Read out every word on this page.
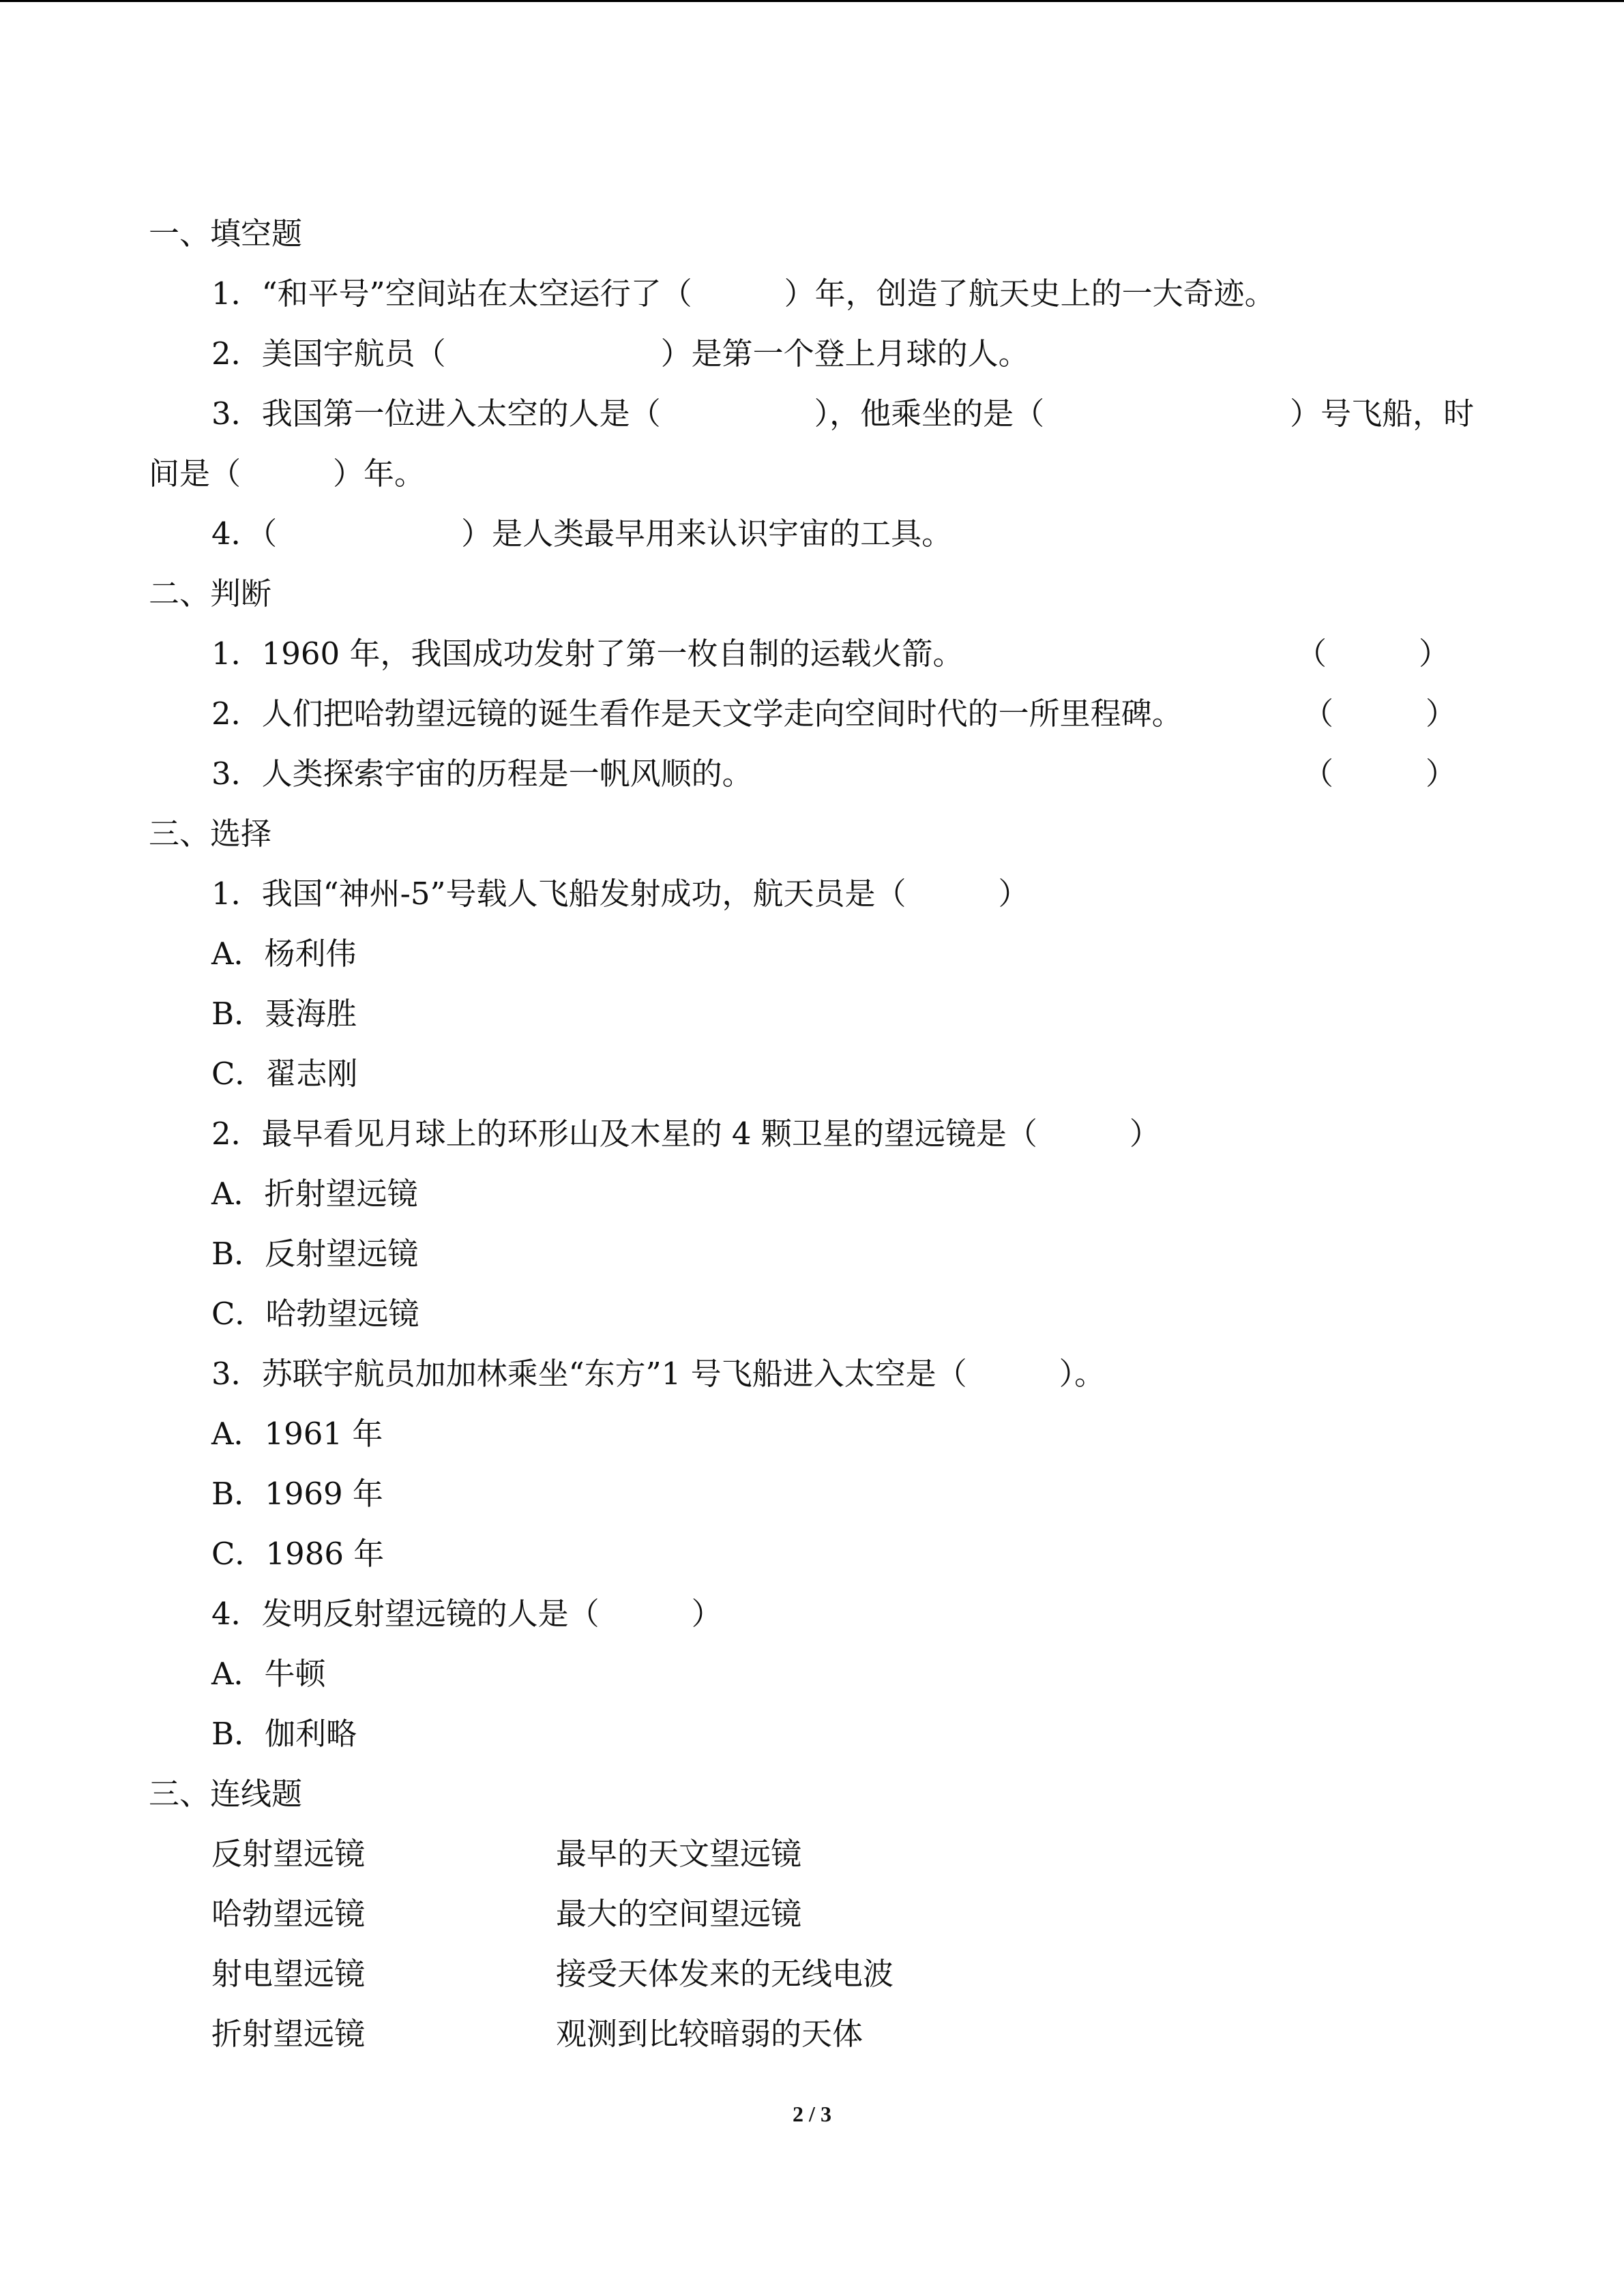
一、填空题
1．“和平号”空间站在太空运行了（　　　）年，创造了航天史上的一大奇迹。
2．美国宇航员（　　　　　　　）是第一个登上月球的人。
3．我国第一位进入太空的人是（　　　　　），他乘坐的是（　　　　　　　　）号飞船，时
间是（　　　）年。
4．（　　　　　　）是人类最早用来认识宇宙的工具。
二、判断
1．1960 年，我国成功发射了第一枚自制的运载火箭。	（　　　）
2．人们把哈勃望远镜的诞生看作是天文学走向空间时代的一所里程碑。	（　　　）
3．人类探索宇宙的历程是一帆风顺的。	（　　　）
三、选择
1．我国“神州-5”号载人飞船发射成功，航天员是（　　　）
A．杨利伟
B．聂海胜
C．翟志刚
2．最早看见月球上的环形山及木星的 4 颗卫星的望远镜是（　　　）
A．折射望远镜
B．反射望远镜
C．哈勃望远镜
3．苏联宇航员加加林乘坐“东方”1 号飞船进入太空是（　　　）。
A．1961 年
B．1969 年
C．1986 年
4．发明反射望远镜的人是（　　　）
A．牛顿
B．伽利略
三、连线题
反射望远镜	最早的天文望远镜
哈勃望远镜	最大的空间望远镜
射电望远镜	接受天体发来的无线电波
折射望远镜	观测到比较暗弱的天体
2 / 3
